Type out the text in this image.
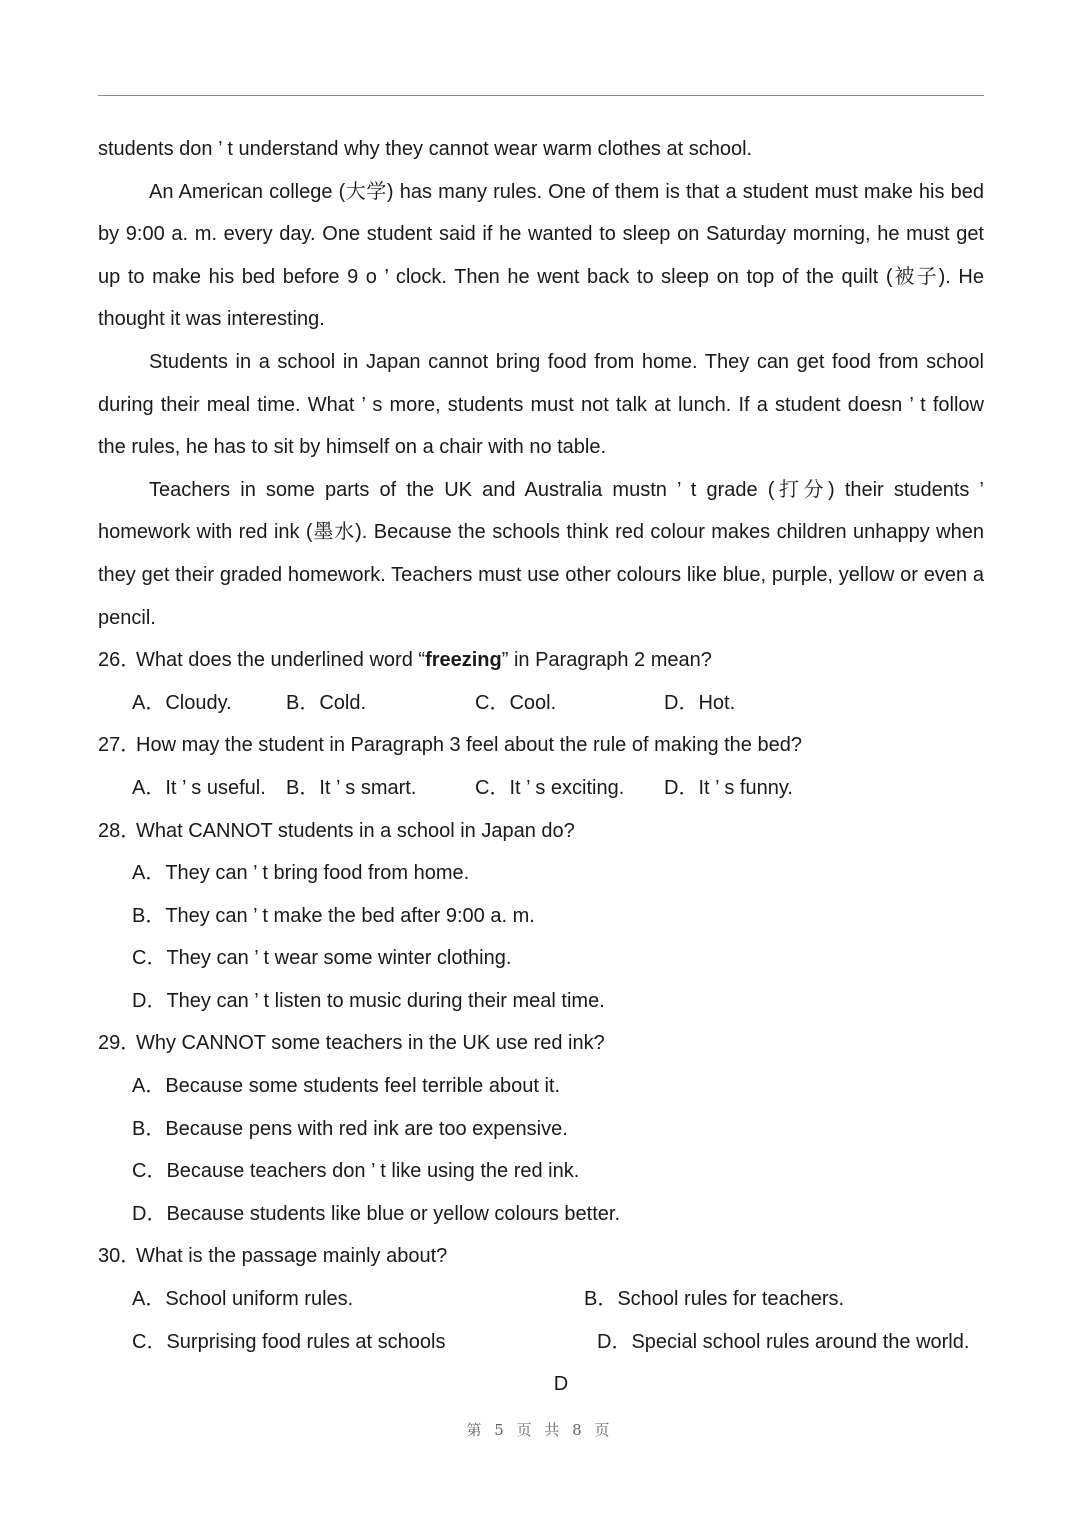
students don ’ t understand why they cannot wear warm clothes at school.

An American college (大学) has many rules. One of them is that a student must make his bed by 9:00 a. m. every day. One student said if he wanted to sleep on Saturday morning, he must get up to make his bed before 9 o ’ clock. Then he went back to sleep on top of the quilt (被子). He thought it was interesting.

Students in a school in Japan cannot bring food from home. They can get food from school during their meal time. What ’ s more, students must not talk at lunch. If a student doesn ’ t follow the rules, he has to sit by himself on a chair with no table.

Teachers in some parts of the UK and Australia mustn ’ t grade (打分) their students ’ homework with red ink (墨水). Because the schools think red colour makes children unhappy when they get their graded homework. Teachers must use other colours like blue, purple, yellow or even a pencil.

26．What does the underlined word “freezing” in Paragraph 2 mean?

A．Cloudy.	B．Cold.	C．Cool.	D．Hot.

27．How may the student in Paragraph 3 feel about the rule of making the bed?

A．It ’ s useful.	B．It ’ s smart.	C．It ’ s exciting.	D．It ’ s funny.

28．What CANNOT students in a school in Japan do?

A．They can ’ t bring food from home.

B．They can ’ t make the bed after 9:00 a. m.

C．They can ’ t wear some winter clothing.

D．They can ’ t listen to music during their meal time.

29．Why CANNOT some teachers in the UK use red ink?

A．Because some students feel terrible about it.

B．Because pens with red ink are too expensive.

C．Because teachers don ’ t like using the red ink.

D．Because students like blue or yellow colours better.

30．What is the passage mainly about?

A．School uniform rules.	B．School rules for teachers.
C．Surprising food rules at schools	D．Special school rules around the world.

D

第 5 页 共 8 页
